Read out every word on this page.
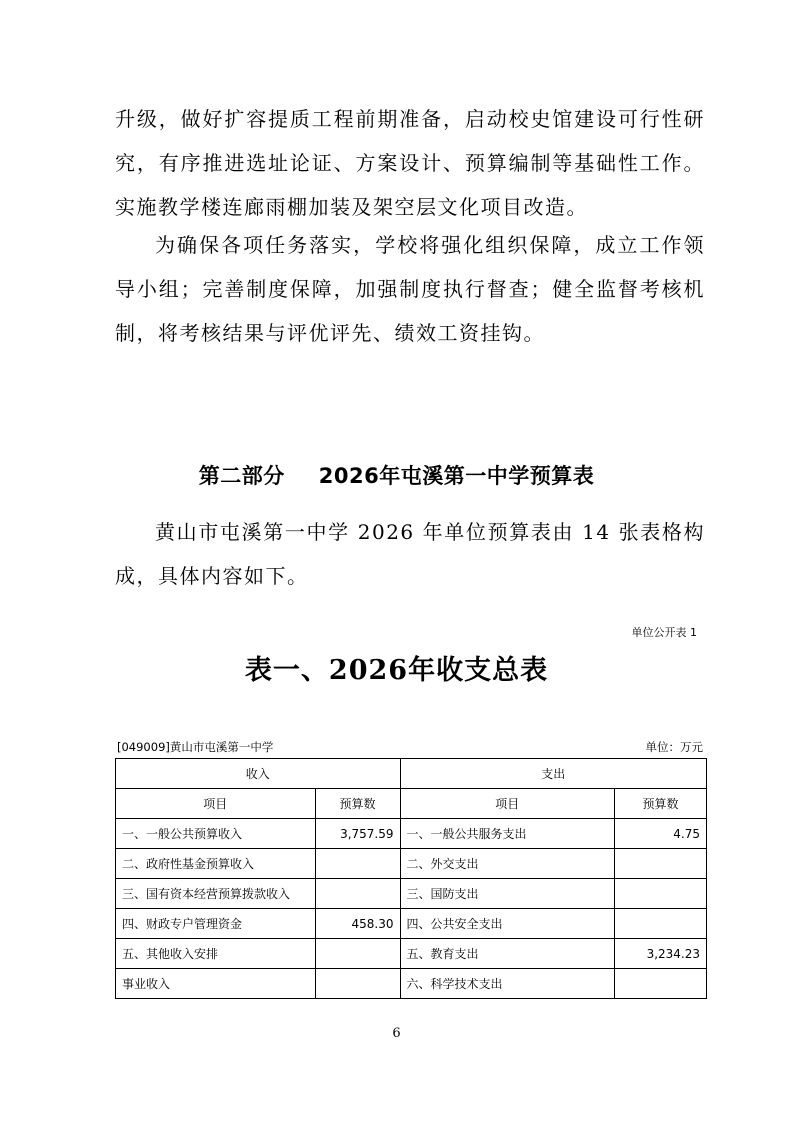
升级，做好扩容提质工程前期准备，启动校史馆建设可行性研究，有序推进选址论证、方案设计、预算编制等基础性工作。实施教学楼连廊雨棚加装及架空层文化项目改造。

为确保各项任务落实，学校将强化组织保障，成立工作领导小组；完善制度保障，加强制度执行督查；健全监督考核机制，将考核结果与评优评先、绩效工资挂钩。

第二部分 2026年屯溪第一中学预算表

黄山市屯溪第一中学 2026 年单位预算表由 14 张表格构成，具体内容如下。

单位公开表 1
表一、2026年收支总表
[049009]黄山市屯溪第一中学	单位：万元
收入		支出	
项目	预算数	项目	预算数
一、一般公共预算收入	3,757.59	一、一般公共服务支出	4.75
二、政府性基金预算收入		二、外交支出	
三、国有资本经营预算拨款收入		三、国防支出	
四、财政专户管理资金	458.30	四、公共安全支出	
五、其他收入安排		五、教育支出	3,234.23
事业收入		六、科学技术支出	
6
